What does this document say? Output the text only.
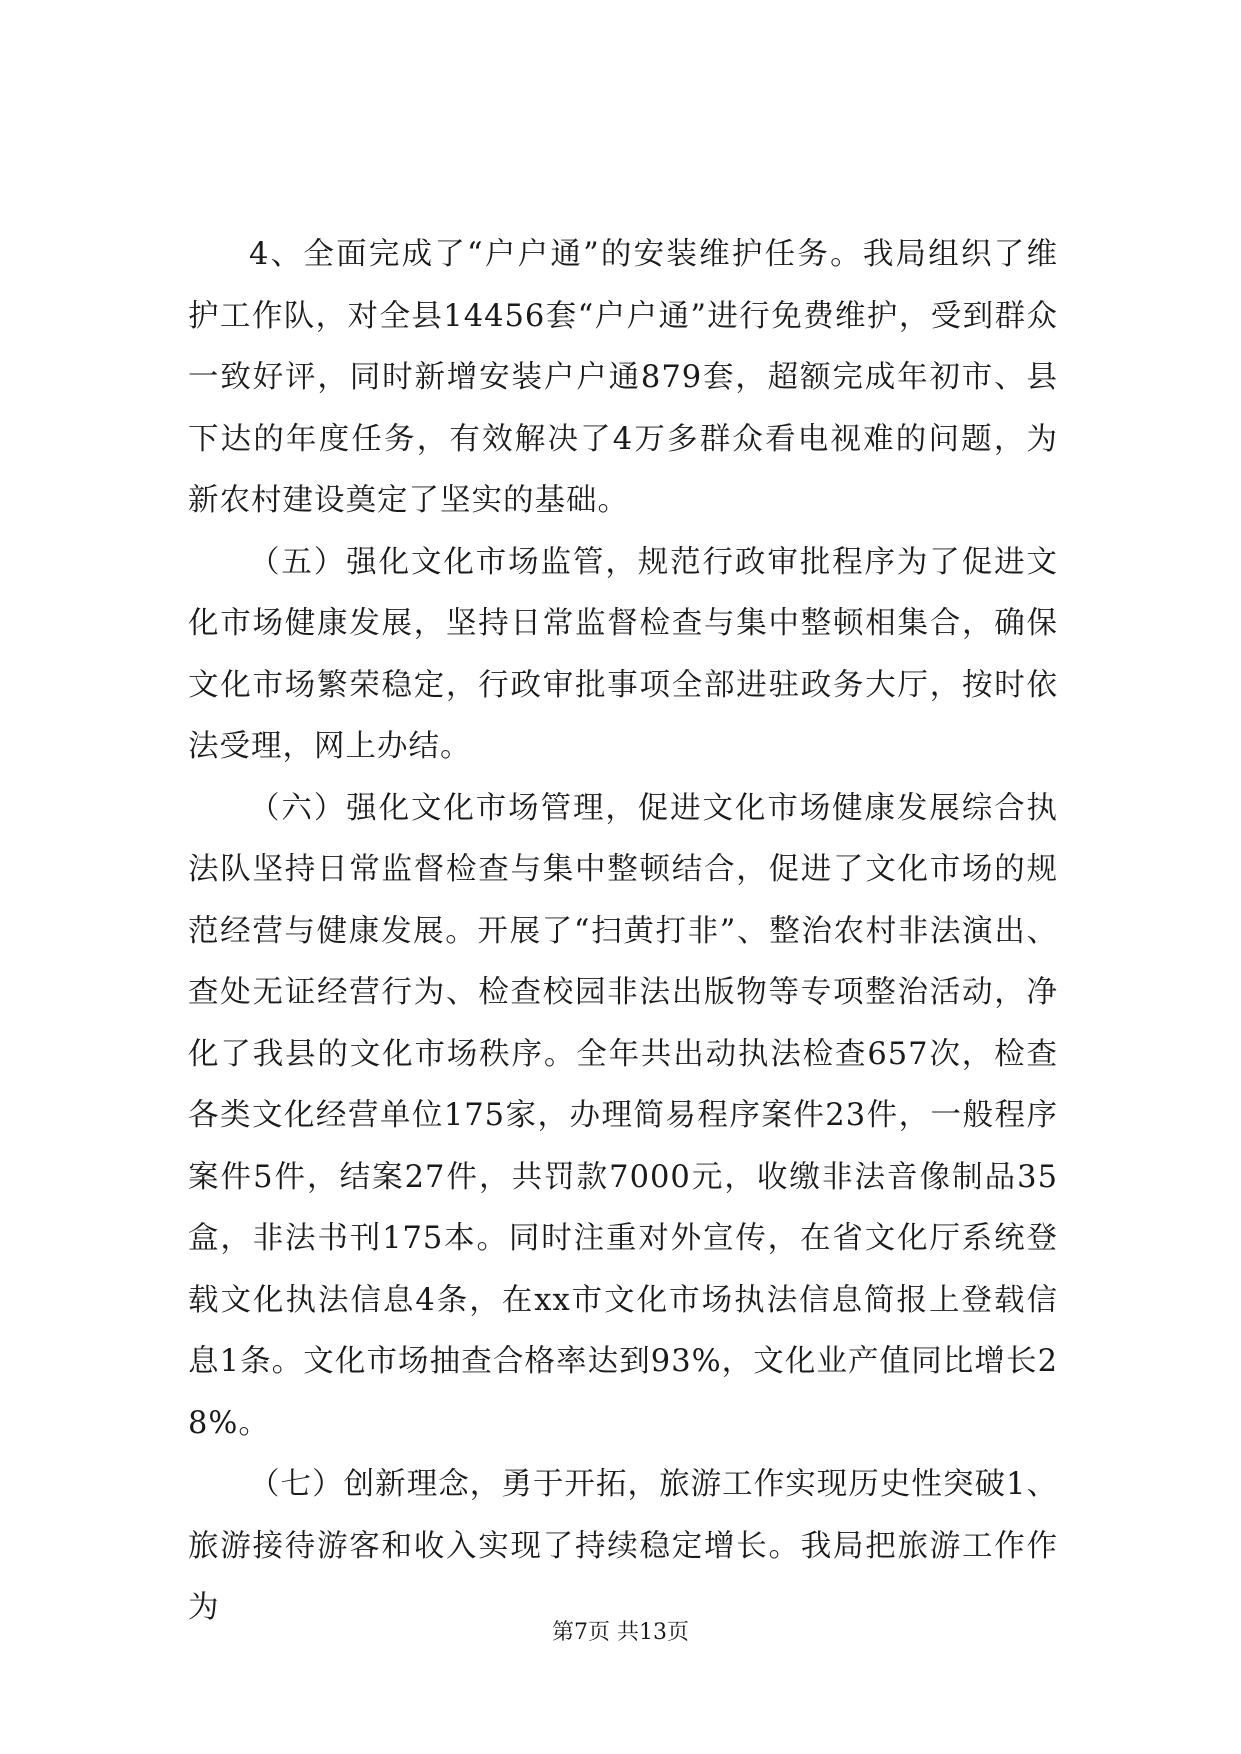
4、全面完成了“户户通”的安装维护任务。我局组织了维护工作队，对全县14456套“户户通”进行免费维护，受到群众一致好评，同时新增安装户户通879套，超额完成年初市、县下达的年度任务，有效解决了4万多群众看电视难的问题，为新农村建设奠定了坚实的基础。

（五）强化文化市场监管，规范行政审批程序为了促进文化市场健康发展，坚持日常监督检查与集中整顿相集合，确保文化市场繁荣稳定，行政审批事项全部进驻政务大厅，按时依法受理，网上办结。

（六）强化文化市场管理，促进文化市场健康发展综合执法队坚持日常监督检查与集中整顿结合，促进了文化市场的规范经营与健康发展。开展了“扫黄打非”、整治农村非法演出、查处无证经营行为、检查校园非法出版物等专项整治活动，净化了我县的文化市场秩序。全年共出动执法检查657次，检查各类文化经营单位175家，办理简易程序案件23件，一般程序案件5件，结案27件，共罚款7000元，收缴非法音像制品35盒，非法书刊175本。同时注重对外宣传，在省文化厅系统登载文化执法信息4条，在xx市文化市场执法信息简报上登载信息1条。文化市场抽查合格率达到93%，文化业产值同比增长28%。

（七）创新理念，勇于开拓，旅游工作实现历史性突破1、旅游接待游客和收入实现了持续稳定增长。我局把旅游工作作为

第7页 共13页
